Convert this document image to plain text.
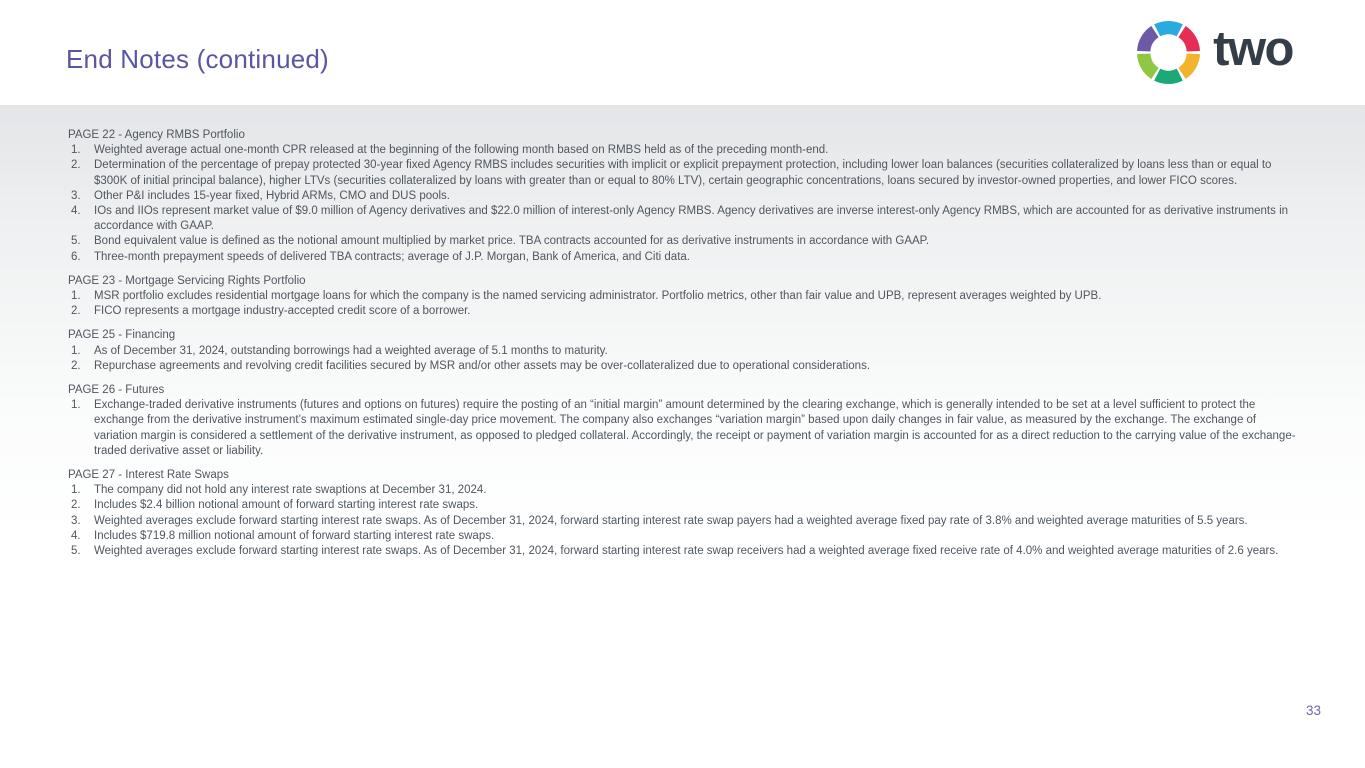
End Notes (continued)	two
PAGE 22 - Agency RMBS Portfolio
1.	Weighted average actual one-month CPR released at the beginning of the following month based on RMBS held as of the preceding month-end.
2.	Determination of the percentage of prepay protected 30-year fixed Agency RMBS includes securities with implicit or explicit prepayment protection, including lower loan balances (securities collateralized by loans less than or equal to $300K of initial principal balance), higher LTVs (securities collateralized by loans with greater than or equal to 80% LTV), certain geographic concentrations, loans secured by investor-owned properties, and lower FICO scores.
3.	Other P&I includes 15-year fixed, Hybrid ARMs, CMO and DUS pools.
4.	IOs and IIOs represent market value of $9.0 million of Agency derivatives and $22.0 million of interest-only Agency RMBS. Agency derivatives are inverse interest-only Agency RMBS, which are accounted for as derivative instruments in accordance with GAAP.
5.	Bond equivalent value is defined as the notional amount multiplied by market price. TBA contracts accounted for as derivative instruments in accordance with GAAP.
6.	Three-month prepayment speeds of delivered TBA contracts; average of J.P. Morgan, Bank of America, and Citi data.
PAGE 23 - Mortgage Servicing Rights Portfolio
1.	MSR portfolio excludes residential mortgage loans for which the company is the named servicing administrator. Portfolio metrics, other than fair value and UPB, represent averages weighted by UPB.
2.	FICO represents a mortgage industry-accepted credit score of a borrower.
PAGE 25 - Financing
1.	As of December 31, 2024, outstanding borrowings had a weighted average of 5.1 months to maturity.
2.	Repurchase agreements and revolving credit facilities secured by MSR and/or other assets may be over-collateralized due to operational considerations.
PAGE 26 - Futures
1.	Exchange-traded derivative instruments (futures and options on futures) require the posting of an “initial margin” amount determined by the clearing exchange, which is generally intended to be set at a level sufficient to protect the exchange from the derivative instrument’s maximum estimated single-day price movement. The company also exchanges “variation margin” based upon daily changes in fair value, as measured by the exchange. The exchange of variation margin is considered a settlement of the derivative instrument, as opposed to pledged collateral. Accordingly, the receipt or payment of variation margin is accounted for as a direct reduction to the carrying value of the exchange-traded derivative asset or liability.
PAGE 27 - Interest Rate Swaps
1.	The company did not hold any interest rate swaptions at December 31, 2024.
2.	Includes $2.4 billion notional amount of forward starting interest rate swaps.
3.	Weighted averages exclude forward starting interest rate swaps. As of December 31, 2024, forward starting interest rate swap payers had a weighted average fixed pay rate of 3.8% and weighted average maturities of 5.5 years.
4.	Includes $719.8 million notional amount of forward starting interest rate swaps.
5.	Weighted averages exclude forward starting interest rate swaps. As of December 31, 2024, forward starting interest rate swap receivers had a weighted average fixed receive rate of 4.0% and weighted average maturities of 2.6 years.
33
